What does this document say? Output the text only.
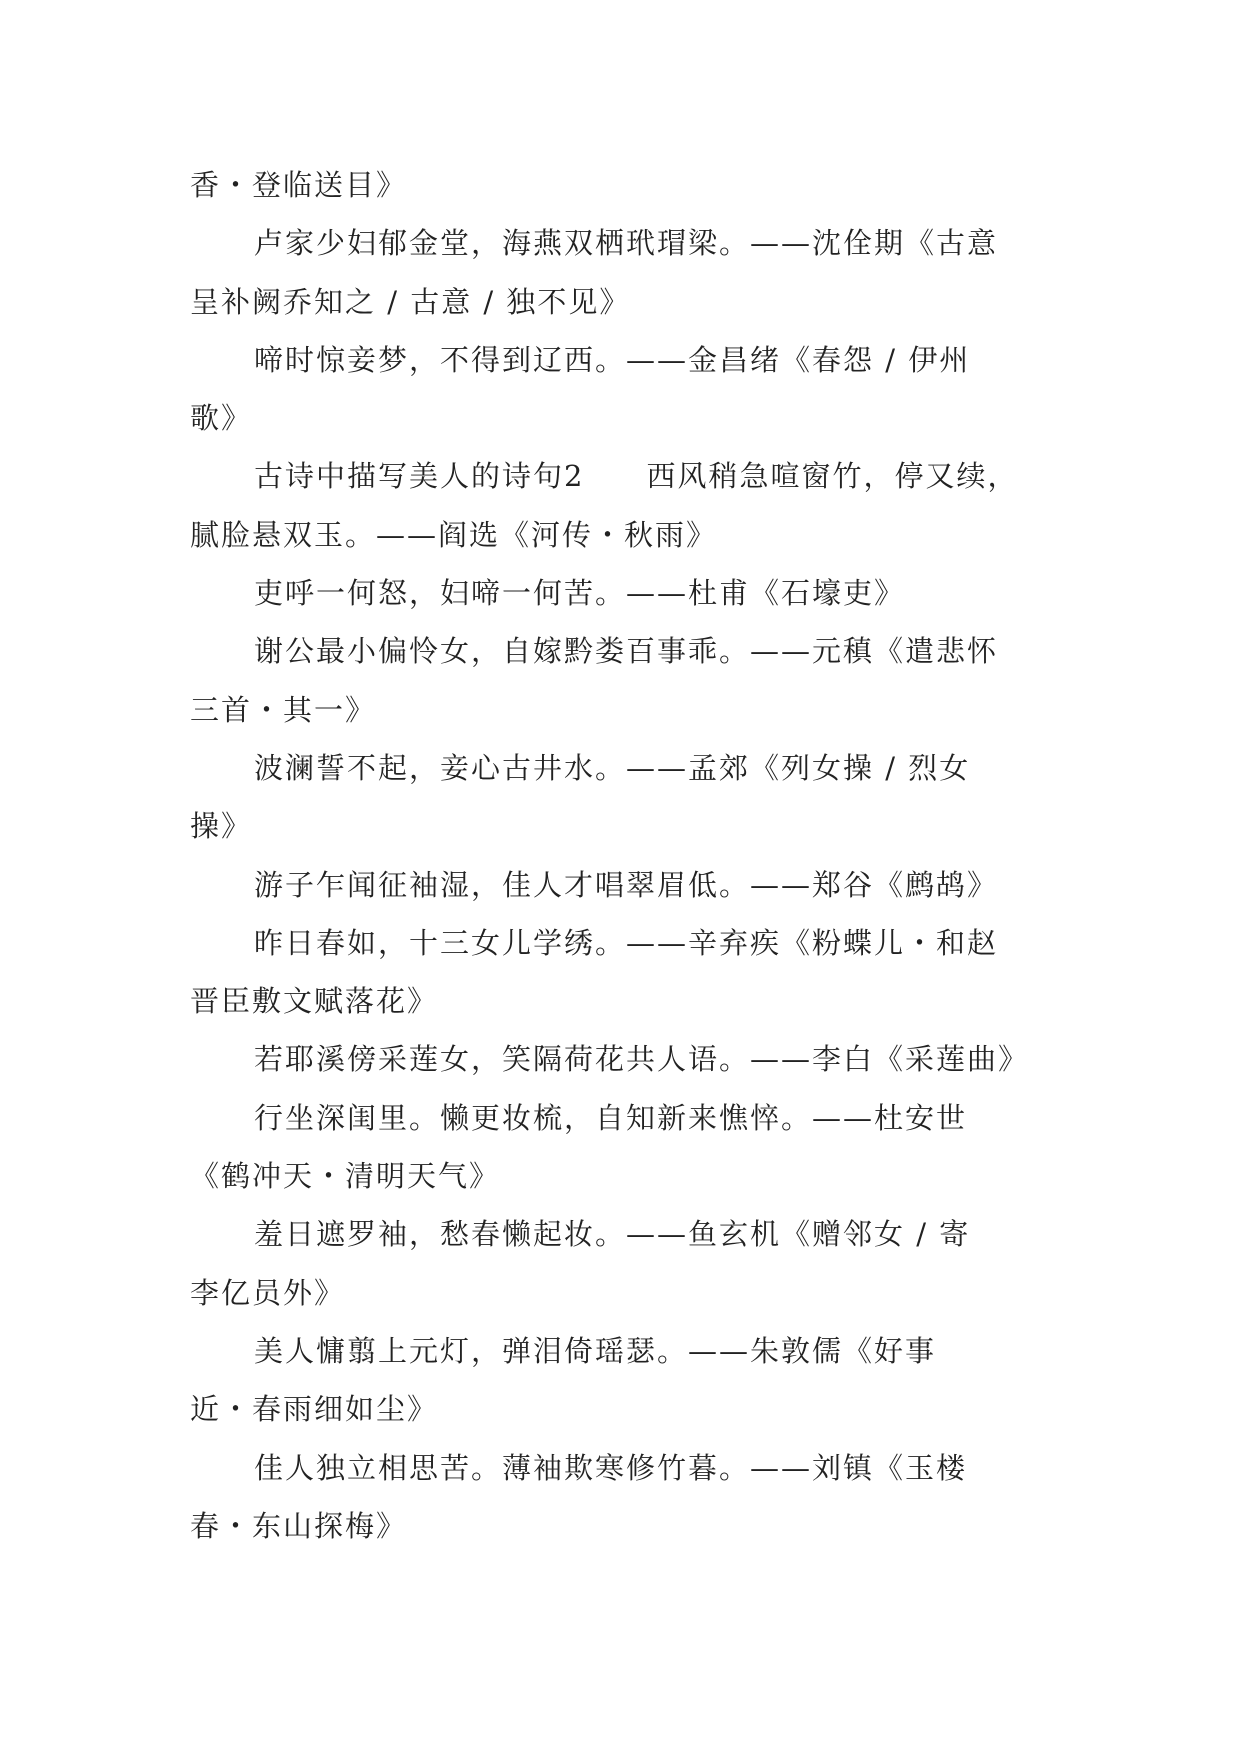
香・登临送目》
卢家少妇郁金堂，海燕双栖玳瑁梁。——沈佺期《古意
呈补阙乔知之 / 古意 / 独不见》
啼时惊妾梦，不得到辽西。——金昌绪《春怨 / 伊州
歌》
古诗中描写美人的诗句2　　西风稍急喧窗竹，停又续，
腻脸悬双玉。——阎选《河传・秋雨》
吏呼一何怒，妇啼一何苦。——杜甫《石壕吏》
谢公最小偏怜女，自嫁黔娄百事乖。——元稹《遣悲怀
三首・其一》
波澜誓不起，妾心古井水。——孟郊《列女操 / 烈女
操》
游子乍闻征袖湿，佳人才唱翠眉低。——郑谷《鹧鸪》
昨日春如，十三女儿学绣。——辛弃疾《粉蝶儿・和赵
晋臣敷文赋落花》
若耶溪傍采莲女，笑隔荷花共人语。——李白《采莲曲》
行坐深闺里。懒更妆梳，自知新来憔悴。——杜安世
《鹤冲天・清明天气》
羞日遮罗袖，愁春懒起妆。——鱼玄机《赠邻女 / 寄
李亿员外》
美人慵翦上元灯，弹泪倚瑶瑟。——朱敦儒《好事
近・春雨细如尘》
佳人独立相思苦。薄袖欺寒修竹暮。——刘镇《玉楼
春・东山探梅》
